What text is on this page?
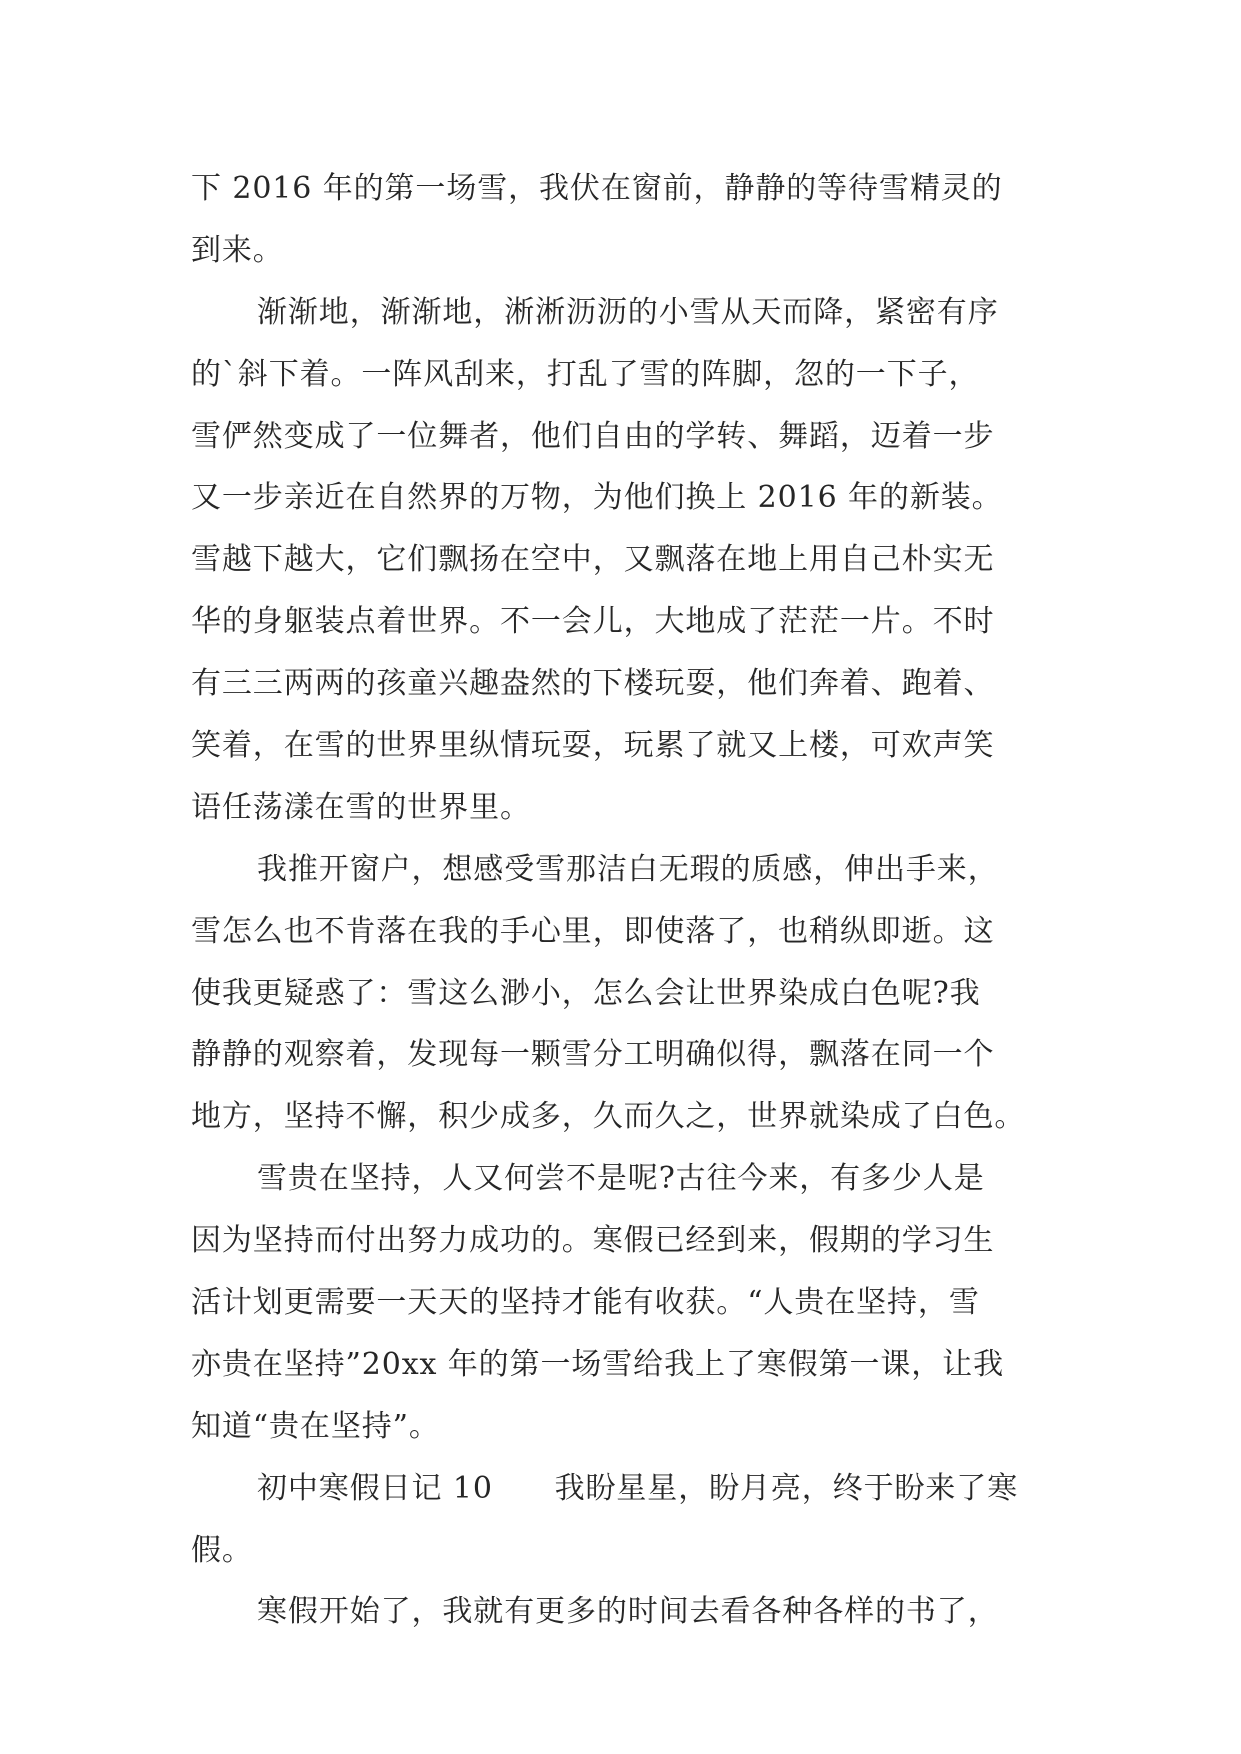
下 2016 年的第一场雪，我伏在窗前，静静的等待雪精灵的
到来。
渐渐地，渐渐地，淅淅沥沥的小雪从天而降，紧密有序
的`斜下着。一阵风刮来，打乱了雪的阵脚，忽的一下子，
雪俨然变成了一位舞者，他们自由的学转、舞蹈，迈着一步
又一步亲近在自然界的万物，为他们换上 2016 年的新装。
雪越下越大，它们飘扬在空中，又飘落在地上用自己朴实无
华的身躯装点着世界。不一会儿，大地成了茫茫一片。不时
有三三两两的孩童兴趣盎然的下楼玩耍，他们奔着、跑着、
笑着，在雪的世界里纵情玩耍，玩累了就又上楼，可欢声笑
语任荡漾在雪的世界里。
我推开窗户，想感受雪那洁白无瑕的质感，伸出手来，
雪怎么也不肯落在我的手心里，即使落了，也稍纵即逝。这
使我更疑惑了：雪这么渺小，怎么会让世界染成白色呢?我
静静的观察着，发现每一颗雪分工明确似得，飘落在同一个
地方，坚持不懈，积少成多，久而久之，世界就染成了白色。
雪贵在坚持，人又何尝不是呢?古往今来，有多少人是
因为坚持而付出努力成功的。寒假已经到来，假期的学习生
活计划更需要一天天的坚持才能有收获。“人贵在坚持，雪
亦贵在坚持”20xx 年的第一场雪给我上了寒假第一课，让我
知道“贵在坚持”。
初中寒假日记 10　　我盼星星，盼月亮，终于盼来了寒
假。
寒假开始了，我就有更多的时间去看各种各样的书了，
